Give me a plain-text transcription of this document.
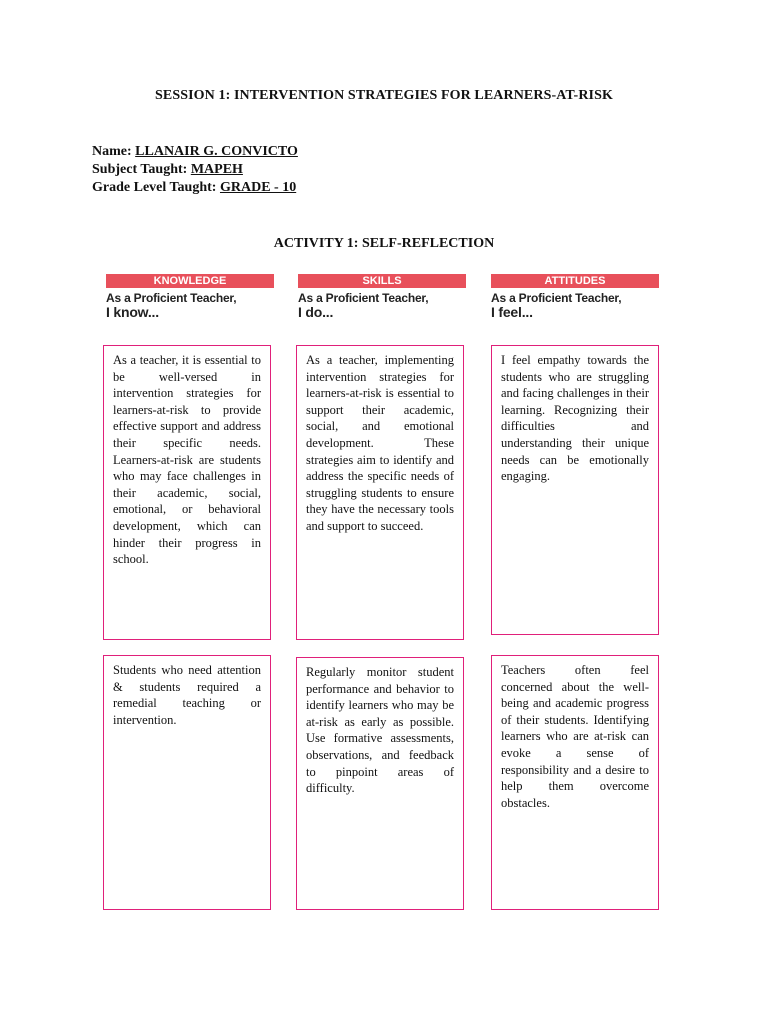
SESSION 1: INTERVENTION STRATEGIES FOR LEARNERS-AT-RISK
Name: LLANAIR G. CONVICTO
Subject Taught: MAPEH
Grade Level Taught: GRADE - 10
ACTIVITY 1: SELF-REFLECTION
KNOWLEDGE
As a Proficient Teacher,
I know...
SKILLS
As a Proficient Teacher,
I do...
ATTITUDES
As a Proficient Teacher,
I feel...
As a teacher, it is essential to be well-versed in intervention strategies for learners-at-risk to provide effective support and address their specific needs. Learners-at-risk are students who may face challenges in their academic, social, emotional, or behavioral development, which can hinder their progress in school.
As a teacher, implementing intervention strategies for learners-at-risk is essential to support their academic, social, and emotional development. These strategies aim to identify and address the specific needs of struggling students to ensure they have the necessary tools and support to succeed.
I feel empathy towards the students who are struggling and facing challenges in their learning. Recognizing their difficulties and understanding their unique needs can be emotionally engaging.
Students who need attention & students required a remedial teaching or intervention.
Regularly monitor student performance and behavior to identify learners who may be at-risk as early as possible. Use formative assessments, observations, and feedback to pinpoint areas of difficulty.
Teachers often feel concerned about the well-being and academic progress of their students. Identifying learners who are at-risk can evoke a sense of responsibility and a desire to help them overcome obstacles.
